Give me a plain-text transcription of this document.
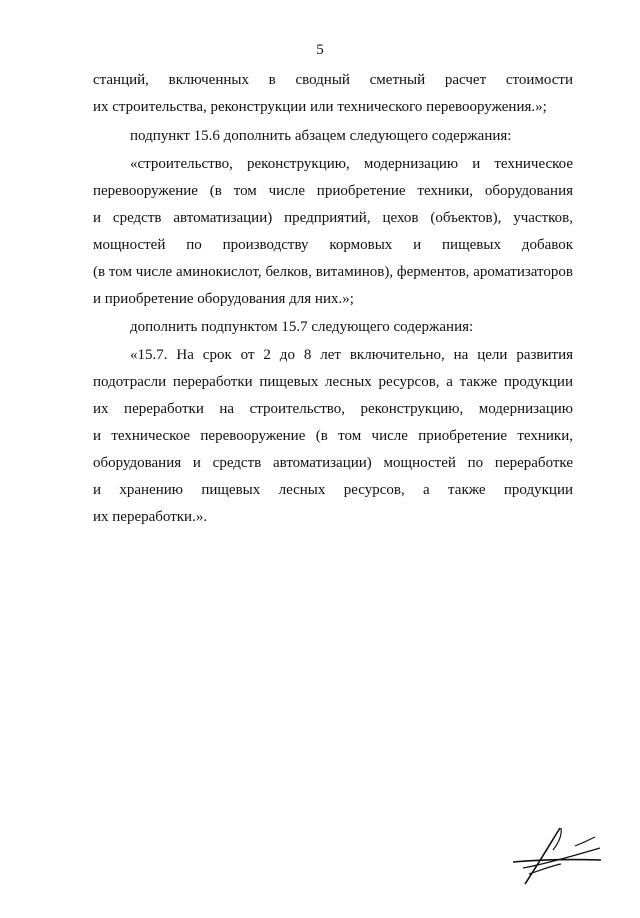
5
станций, включенных в сводный сметный расчет стоимости
их строительства, реконструкции или технического перевооружения.»;
подпункт 15.6 дополнить абзацем следующего содержания:
«строительство, реконструкцию, модернизацию и техническое
перевооружение (в том числе приобретение техники, оборудования
и средств автоматизации) предприятий, цехов (объектов), участков,
мощностей по производству кормовых и пищевых добавок
(в том числе аминокислот, белков, витаминов), ферментов, ароматизаторов
и приобретение оборудования для них.»;
дополнить подпунктом 15.7 следующего содержания:
«15.7. На срок от 2 до 8 лет включительно, на цели развития
подотрасли переработки пищевых лесных ресурсов, а также продукции
их переработки на строительство, реконструкцию, модернизацию
и техническое перевооружение (в том числе приобретение техники,
оборудования и средств автоматизации) мощностей по переработке
и хранению пищевых лесных ресурсов, а также продукции
их переработки.».
